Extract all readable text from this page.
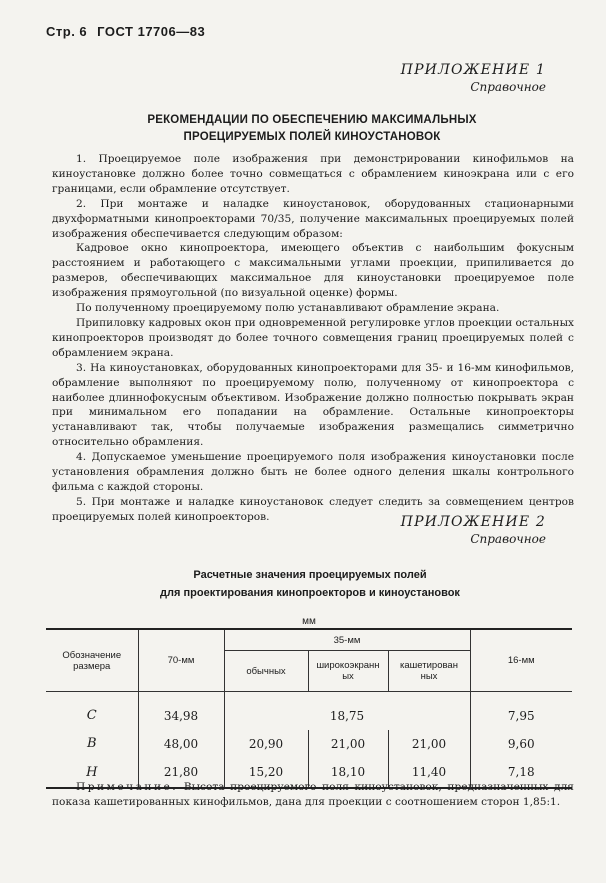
Стр. 6 ГОСТ 17706—83
ПРИЛОЖЕНИЕ 1
Справочное
РЕКОМЕНДАЦИИ ПО ОБЕСПЕЧЕНИЮ МАКСИМАЛЬНЫХ
ПРОЕЦИРУЕМЫХ ПОЛЕЙ КИНОУСТАНОВОК

1. Проецируемое поле изображения при демонстрировании кинофильмов на киноустановке должно более точно совмещаться с обрамлением киноэкрана или с его границами, если обрамление отсутствует.

2. При монтаже и наладке киноустановок, оборудованных стационарными двухформатными кинопроекторами 70/35, получение максимальных проецируемых полей изображения обеспечивается следующим образом:

Кадровое окно кинопроектора, имеющего объектив с наибольшим фокусным расстоянием и работающего с максимальными углами проекции, припиливается до размеров, обеспечивающих максимальное для киноустановки проецируемое поле изображения прямоугольной (по визуальной оценке) формы.

По полученному проецируемому полю устанавливают обрамление экрана.

Припиловку кадровых окон при одновременной регулировке углов проекции остальных кинопроекторов производят до более точного совмещения границ проецируемых полей с обрамлением экрана.

3. На киноустановках, оборудованных кинопроекторами для 35- и 16-мм кинофильмов, обрамление выполняют по проецируемому полю, полученному от кинопроектора с наиболее длиннофокусным объективом. Изображение должно полностью покрывать экран при минимальном его попадании на обрамление. Остальные кинопроекторы устанавливают так, чтобы получаемые изображения размещались симметрично относительно обрамления.

4. Допускаемое уменьшение проецируемого поля изображения киноустановки после установления обрамления должно быть не более одного деления шкалы контрольного фильма с каждой стороны.

5. При монтаже и наладке киноустановок следует следить за совмещением центров проецируемых полей кинопроекторов.	ПРИЛОЖЕНИЕ 2
Справочное
Расчетные значения проецируемых полей
для проектирования кинопроекторов и киноустановок
мм					
Обозначение размера	70-мм	35-мм			16-мм
		обычных	широкоэкранных	кашетированных	

C	34,98	18,75			7,95
B	48,00	20,90	21,00	21,00	9,60
H	21,80	15,20	18,10	11,40	7,18

Примечание. Высота проецируемого поля киноустановок, предназначенных для показа кашетированных кинофильмов, дана для проекции с соотношением сторон 1,85:1.
